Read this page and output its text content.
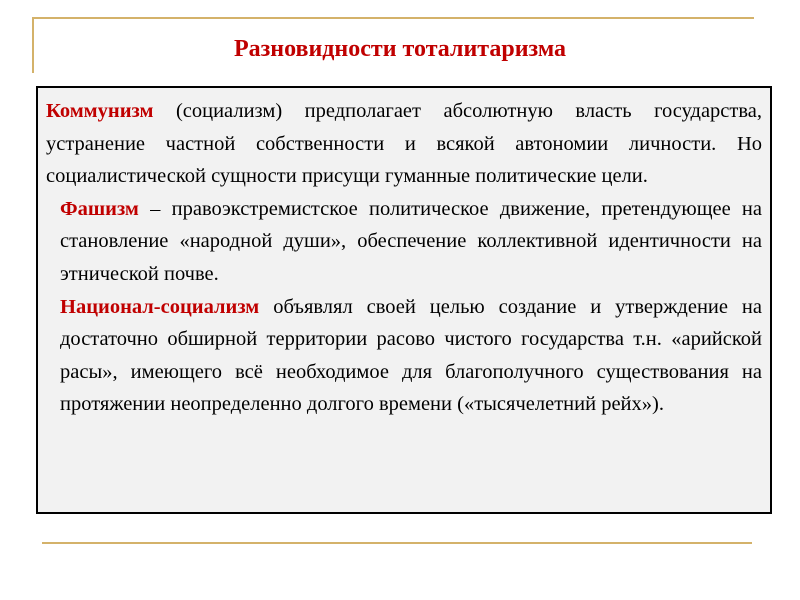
Разновидности тоталитаризма

Коммунизм (социализм) предполагает абсолютную власть государства, устранение частной собственности и всякой автономии личности. Но социалистической сущности присущи гуманные политические цели.

Фашизм – правоэкстремистское политическое движение, претендующее на становление «народной души», обеспечение коллективной идентичности на этнической почве.

Национал-социализм объявлял своей целью создание и утверждение на достаточно обширной территории расово чистого государства т.н. «арийской расы», имеющего всё необходимое для благополучного существования на протяжении неопределенно долгого времени («тысячелетний рейх»).
